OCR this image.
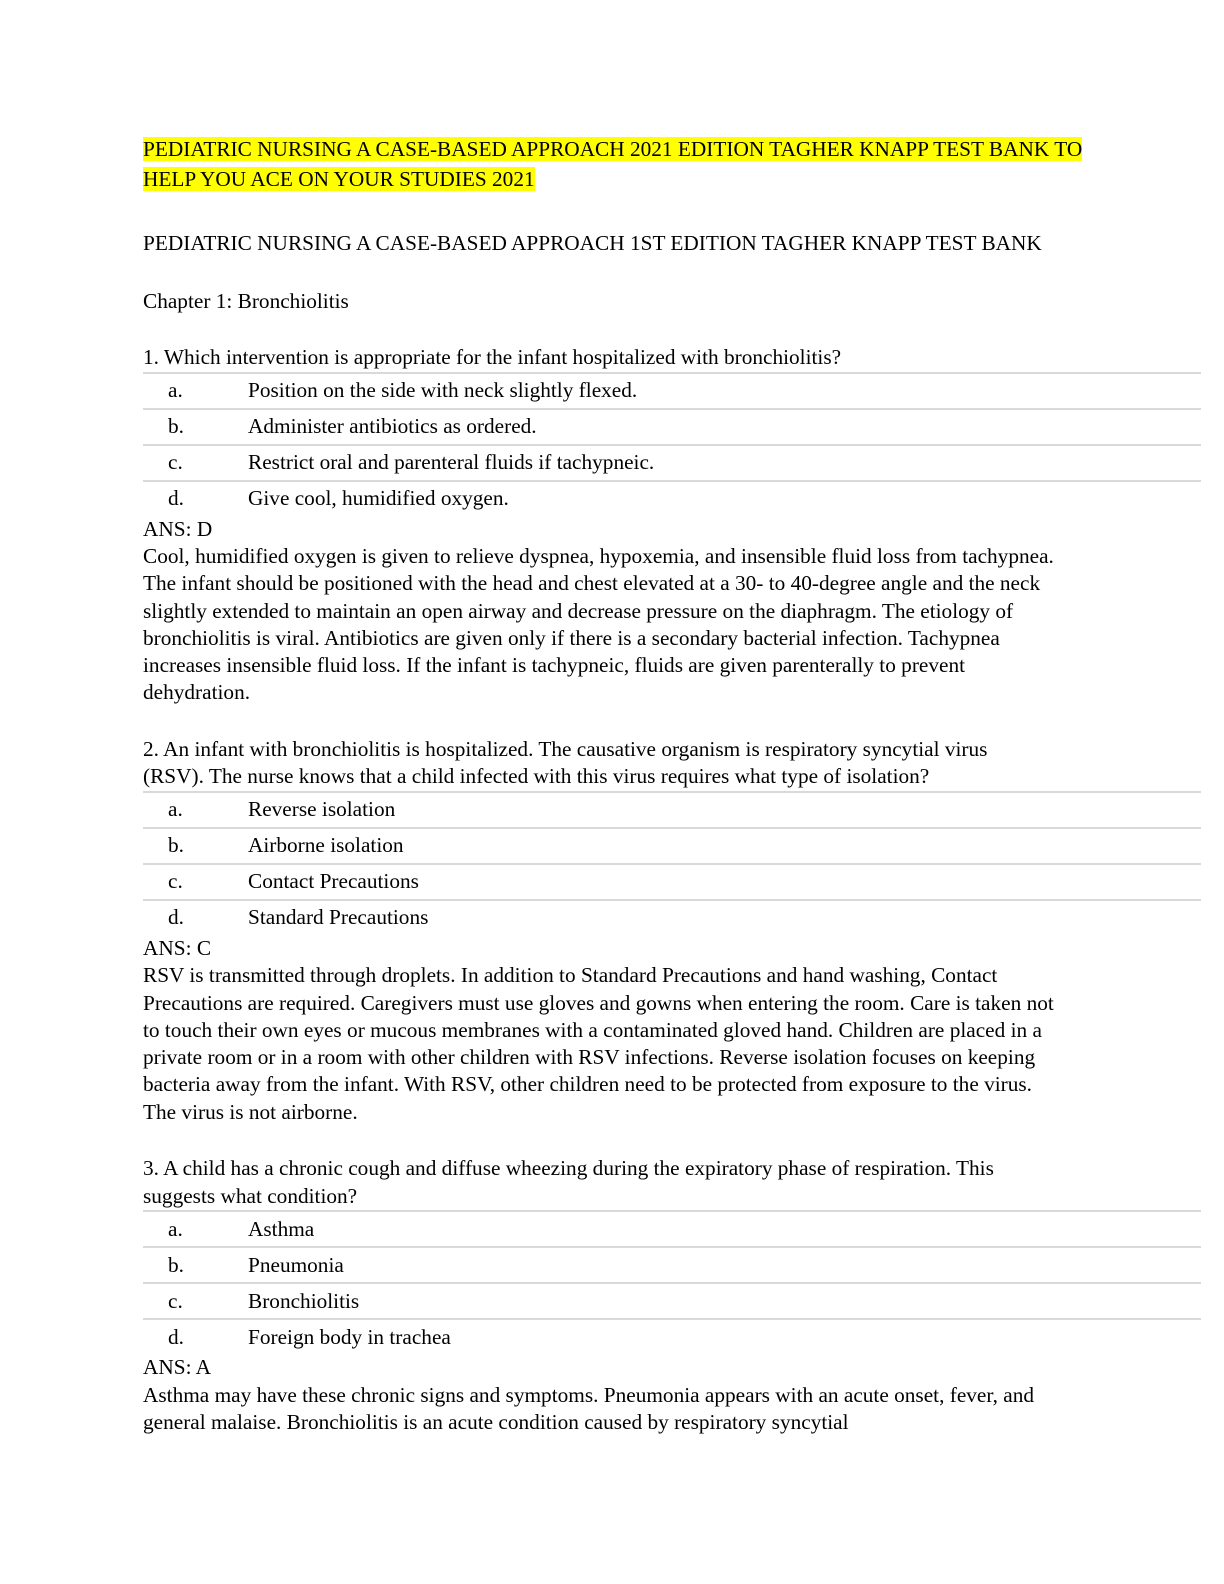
PEDIATRIC NURSING A CASE-BASED APPROACH 2021 EDITION TAGHER KNAPP TEST BANK TO
HELP YOU ACE ON YOUR STUDIES 2021
PEDIATRIC NURSING A CASE-BASED APPROACH 1ST EDITION TAGHER KNAPP TEST BANK
Chapter 1: Bronchiolitis
1. Which intervention is appropriate for the infant hospitalized with bronchiolitis?
a.	Position on the side with neck slightly flexed.
b.	Administer antibiotics as ordered.
c.	Restrict oral and parenteral fluids if tachypneic.
d.	Give cool, humidified oxygen.
ANS: D
Cool, humidified oxygen is given to relieve dyspnea, hypoxemia, and insensible fluid loss from tachypnea. The infant should be positioned with the head and chest elevated at a 30- to 40-degree angle and the neck slightly extended to maintain an open airway and decrease pressure on the diaphragm. The etiology of bronchiolitis is viral. Antibiotics are given only if there is a secondary bacterial infection. Tachypnea increases insensible fluid loss. If the infant is tachypneic, fluids are given parenterally to prevent dehydration.
2. An infant with bronchiolitis is hospitalized. The causative organism is respiratory syncytial virus (RSV). The nurse knows that a child infected with this virus requires what type of isolation?
a.	Reverse isolation
b.	Airborne isolation
c.	Contact Precautions
d.	Standard Precautions
ANS: C
RSV is transmitted through droplets. In addition to Standard Precautions and hand washing, Contact Precautions are required. Caregivers must use gloves and gowns when entering the room. Care is taken not to touch their own eyes or mucous membranes with a contaminated gloved hand. Children are placed in a private room or in a room with other children with RSV infections. Reverse isolation focuses on keeping bacteria away from the infant. With RSV, other children need to be protected from exposure to the virus. The virus is not airborne.
3. A child has a chronic cough and diffuse wheezing during the expiratory phase of respiration. This suggests what condition?
a.	Asthma
b.	Pneumonia
c.	Bronchiolitis
d.	Foreign body in trachea
ANS: A
Asthma may have these chronic signs and symptoms. Pneumonia appears with an acute onset, fever, and general malaise. Bronchiolitis is an acute condition caused by respiratory syncytial
